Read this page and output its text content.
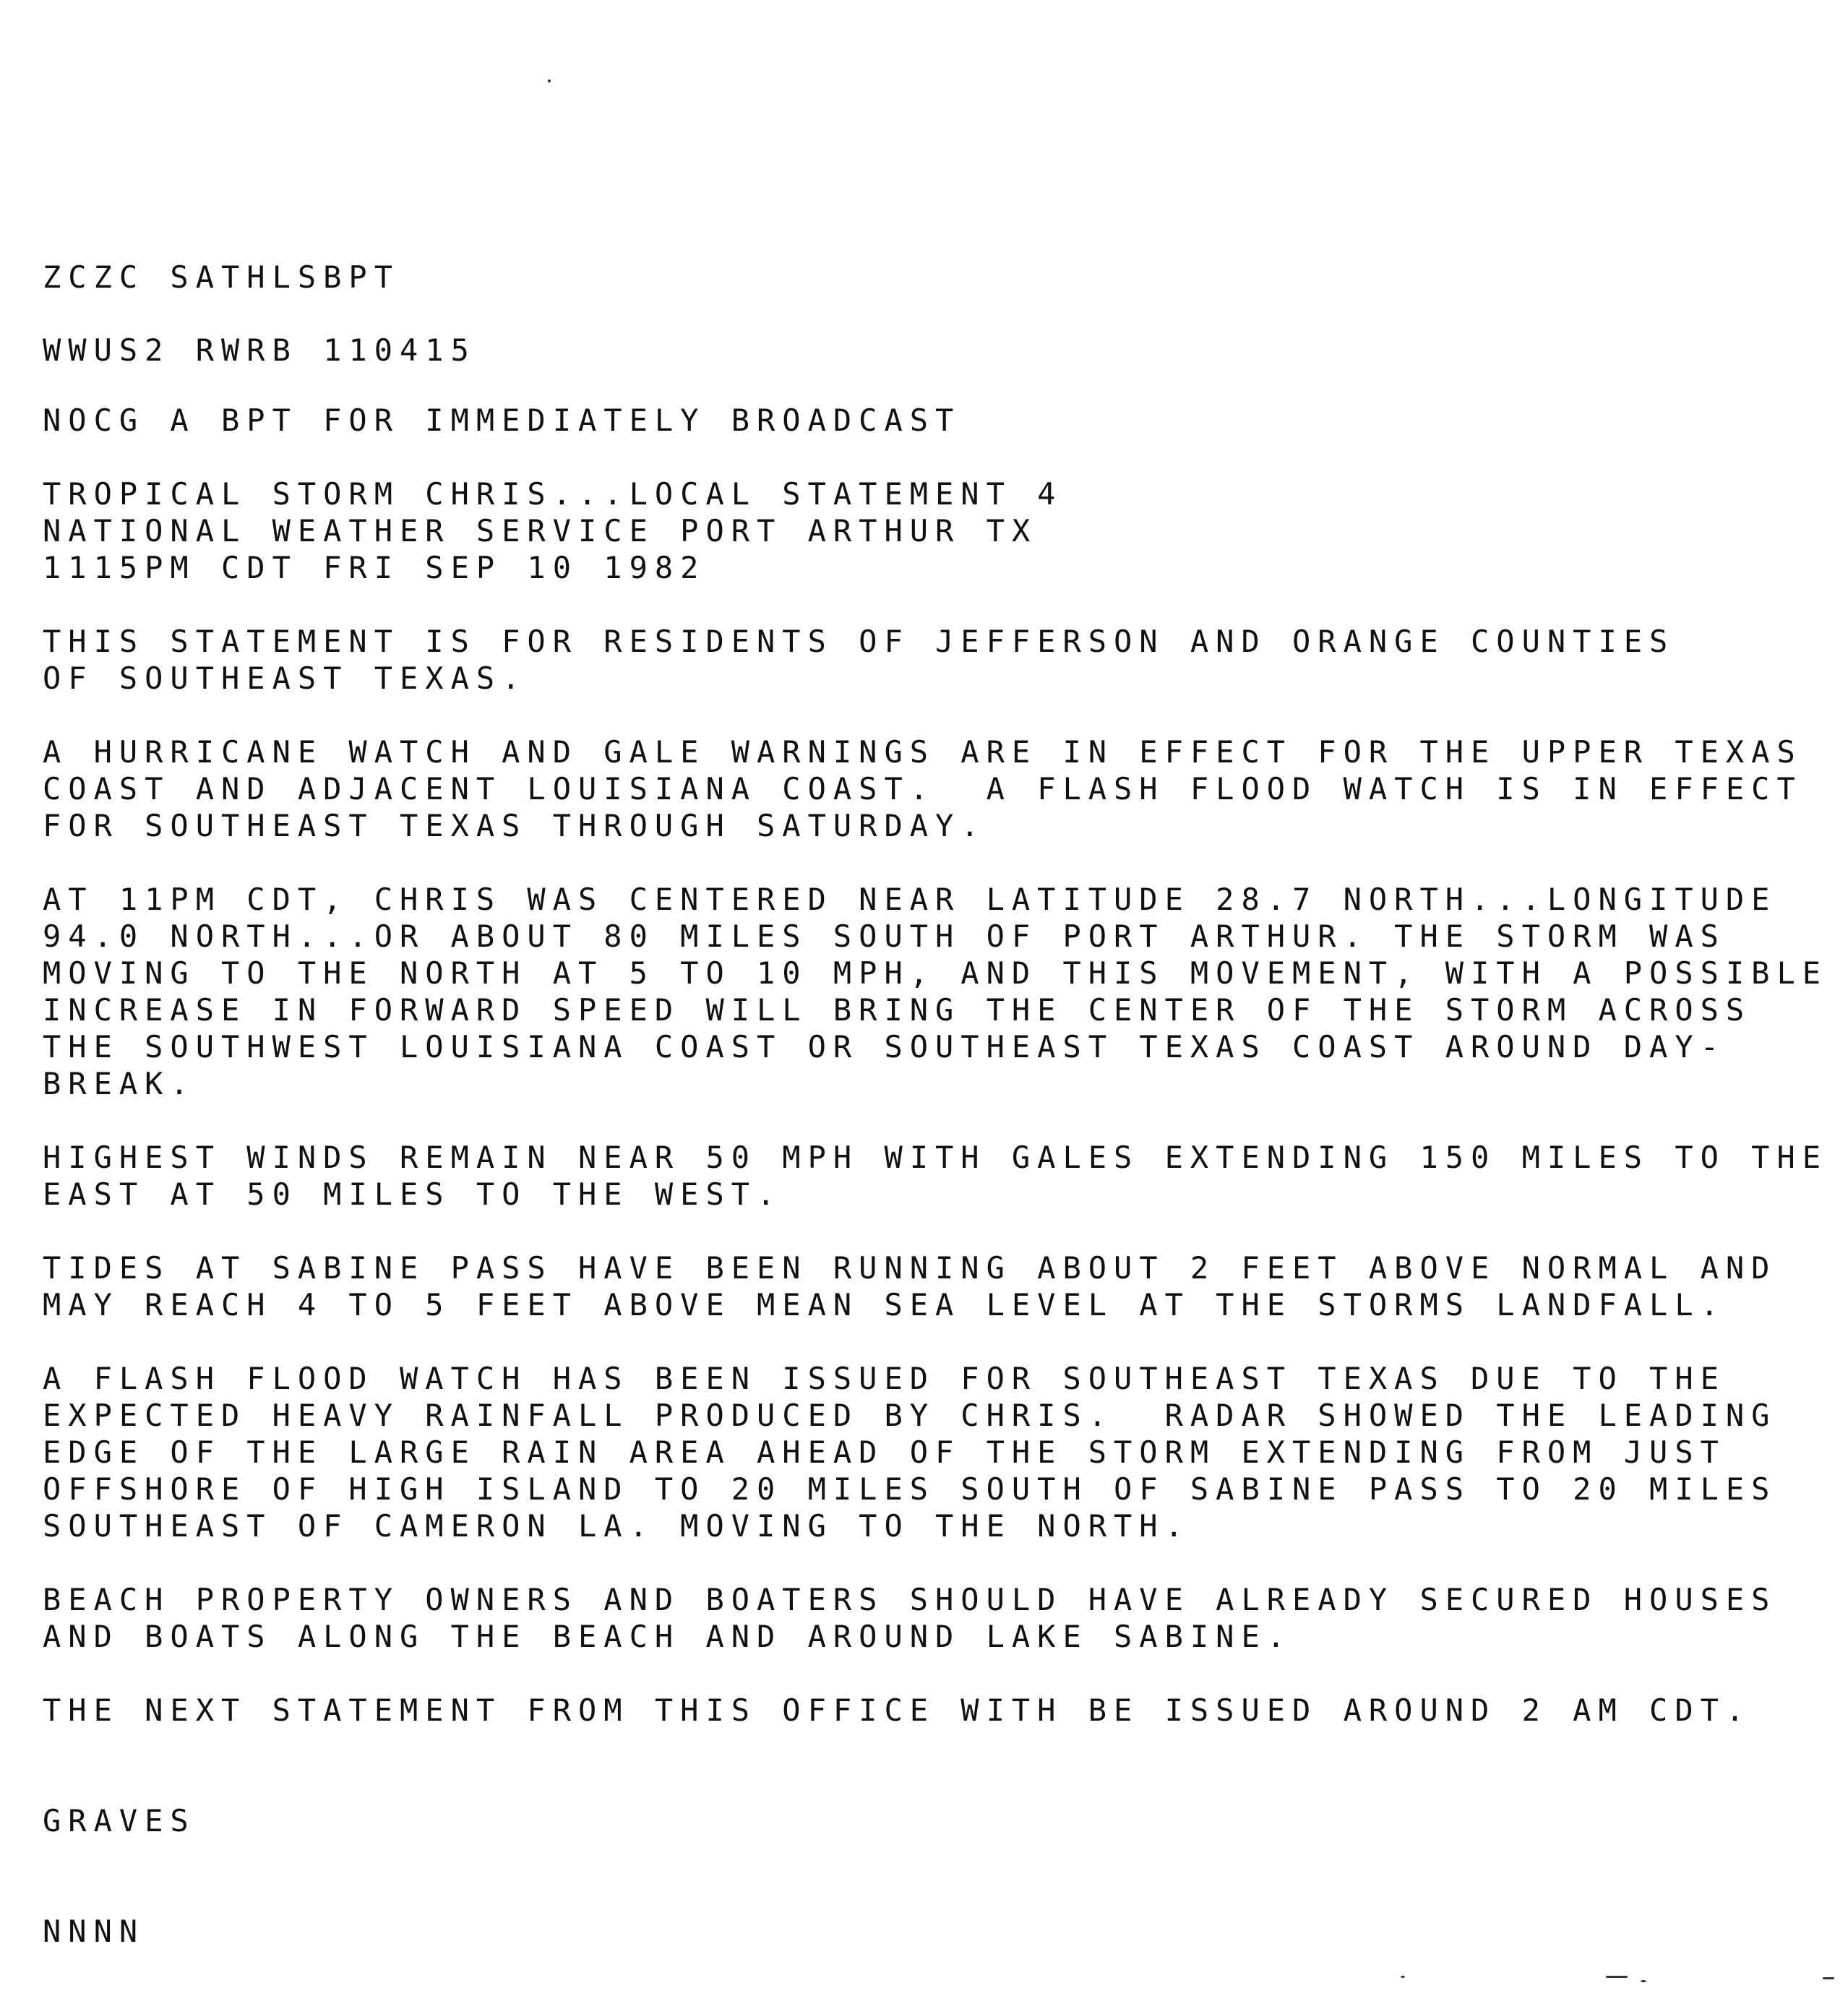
ZCZC SATHLSBPT

WWUS2 RWRB 110415

NOCG A BPT FOR IMMEDIATELY BROADCAST

TROPICAL STORM CHRIS...LOCAL STATEMENT 4

NATIONAL WEATHER SERVICE PORT ARTHUR TX

1115PM CDT FRI SEP 10 1982

THIS STATEMENT IS FOR RESIDENTS OF JEFFERSON AND ORANGE COUNTIES

OF SOUTHEAST TEXAS.

A HURRICANE WATCH AND GALE WARNINGS ARE IN EFFECT FOR THE UPPER TEXAS

COAST AND ADJACENT LOUISIANA COAST.  A FLASH FLOOD WATCH IS IN EFFECT

FOR SOUTHEAST TEXAS THROUGH SATURDAY.

AT 11PM CDT, CHRIS WAS CENTERED NEAR LATITUDE 28.7 NORTH...LONGITUDE

94.0 NORTH...OR ABOUT 80 MILES SOUTH OF PORT ARTHUR. THE STORM WAS

MOVING TO THE NORTH AT 5 TO 10 MPH, AND THIS MOVEMENT, WITH A POSSIBLE

INCREASE IN FORWARD SPEED WILL BRING THE CENTER OF THE STORM ACROSS

THE SOUTHWEST LOUISIANA COAST OR SOUTHEAST TEXAS COAST AROUND DAY-

BREAK.

HIGHEST WINDS REMAIN NEAR 50 MPH WITH GALES EXTENDING 150 MILES TO THE

EAST AT 50 MILES TO THE WEST.

TIDES AT SABINE PASS HAVE BEEN RUNNING ABOUT 2 FEET ABOVE NORMAL AND

MAY REACH 4 TO 5 FEET ABOVE MEAN SEA LEVEL AT THE STORMS LANDFALL.

A FLASH FLOOD WATCH HAS BEEN ISSUED FOR SOUTHEAST TEXAS DUE TO THE

EXPECTED HEAVY RAINFALL PRODUCED BY CHRIS.  RADAR SHOWED THE LEADING

EDGE OF THE LARGE RAIN AREA AHEAD OF THE STORM EXTENDING FROM JUST

OFFSHORE OF HIGH ISLAND TO 20 MILES SOUTH OF SABINE PASS TO 20 MILES

SOUTHEAST OF CAMERON LA. MOVING TO THE NORTH.

BEACH PROPERTY OWNERS AND BOATERS SHOULD HAVE ALREADY SECURED HOUSES

AND BOATS ALONG THE BEACH AND AROUND LAKE SABINE.

THE NEXT STATEMENT FROM THIS OFFICE WITH BE ISSUED AROUND 2 AM CDT.

GRAVES

NNNN
